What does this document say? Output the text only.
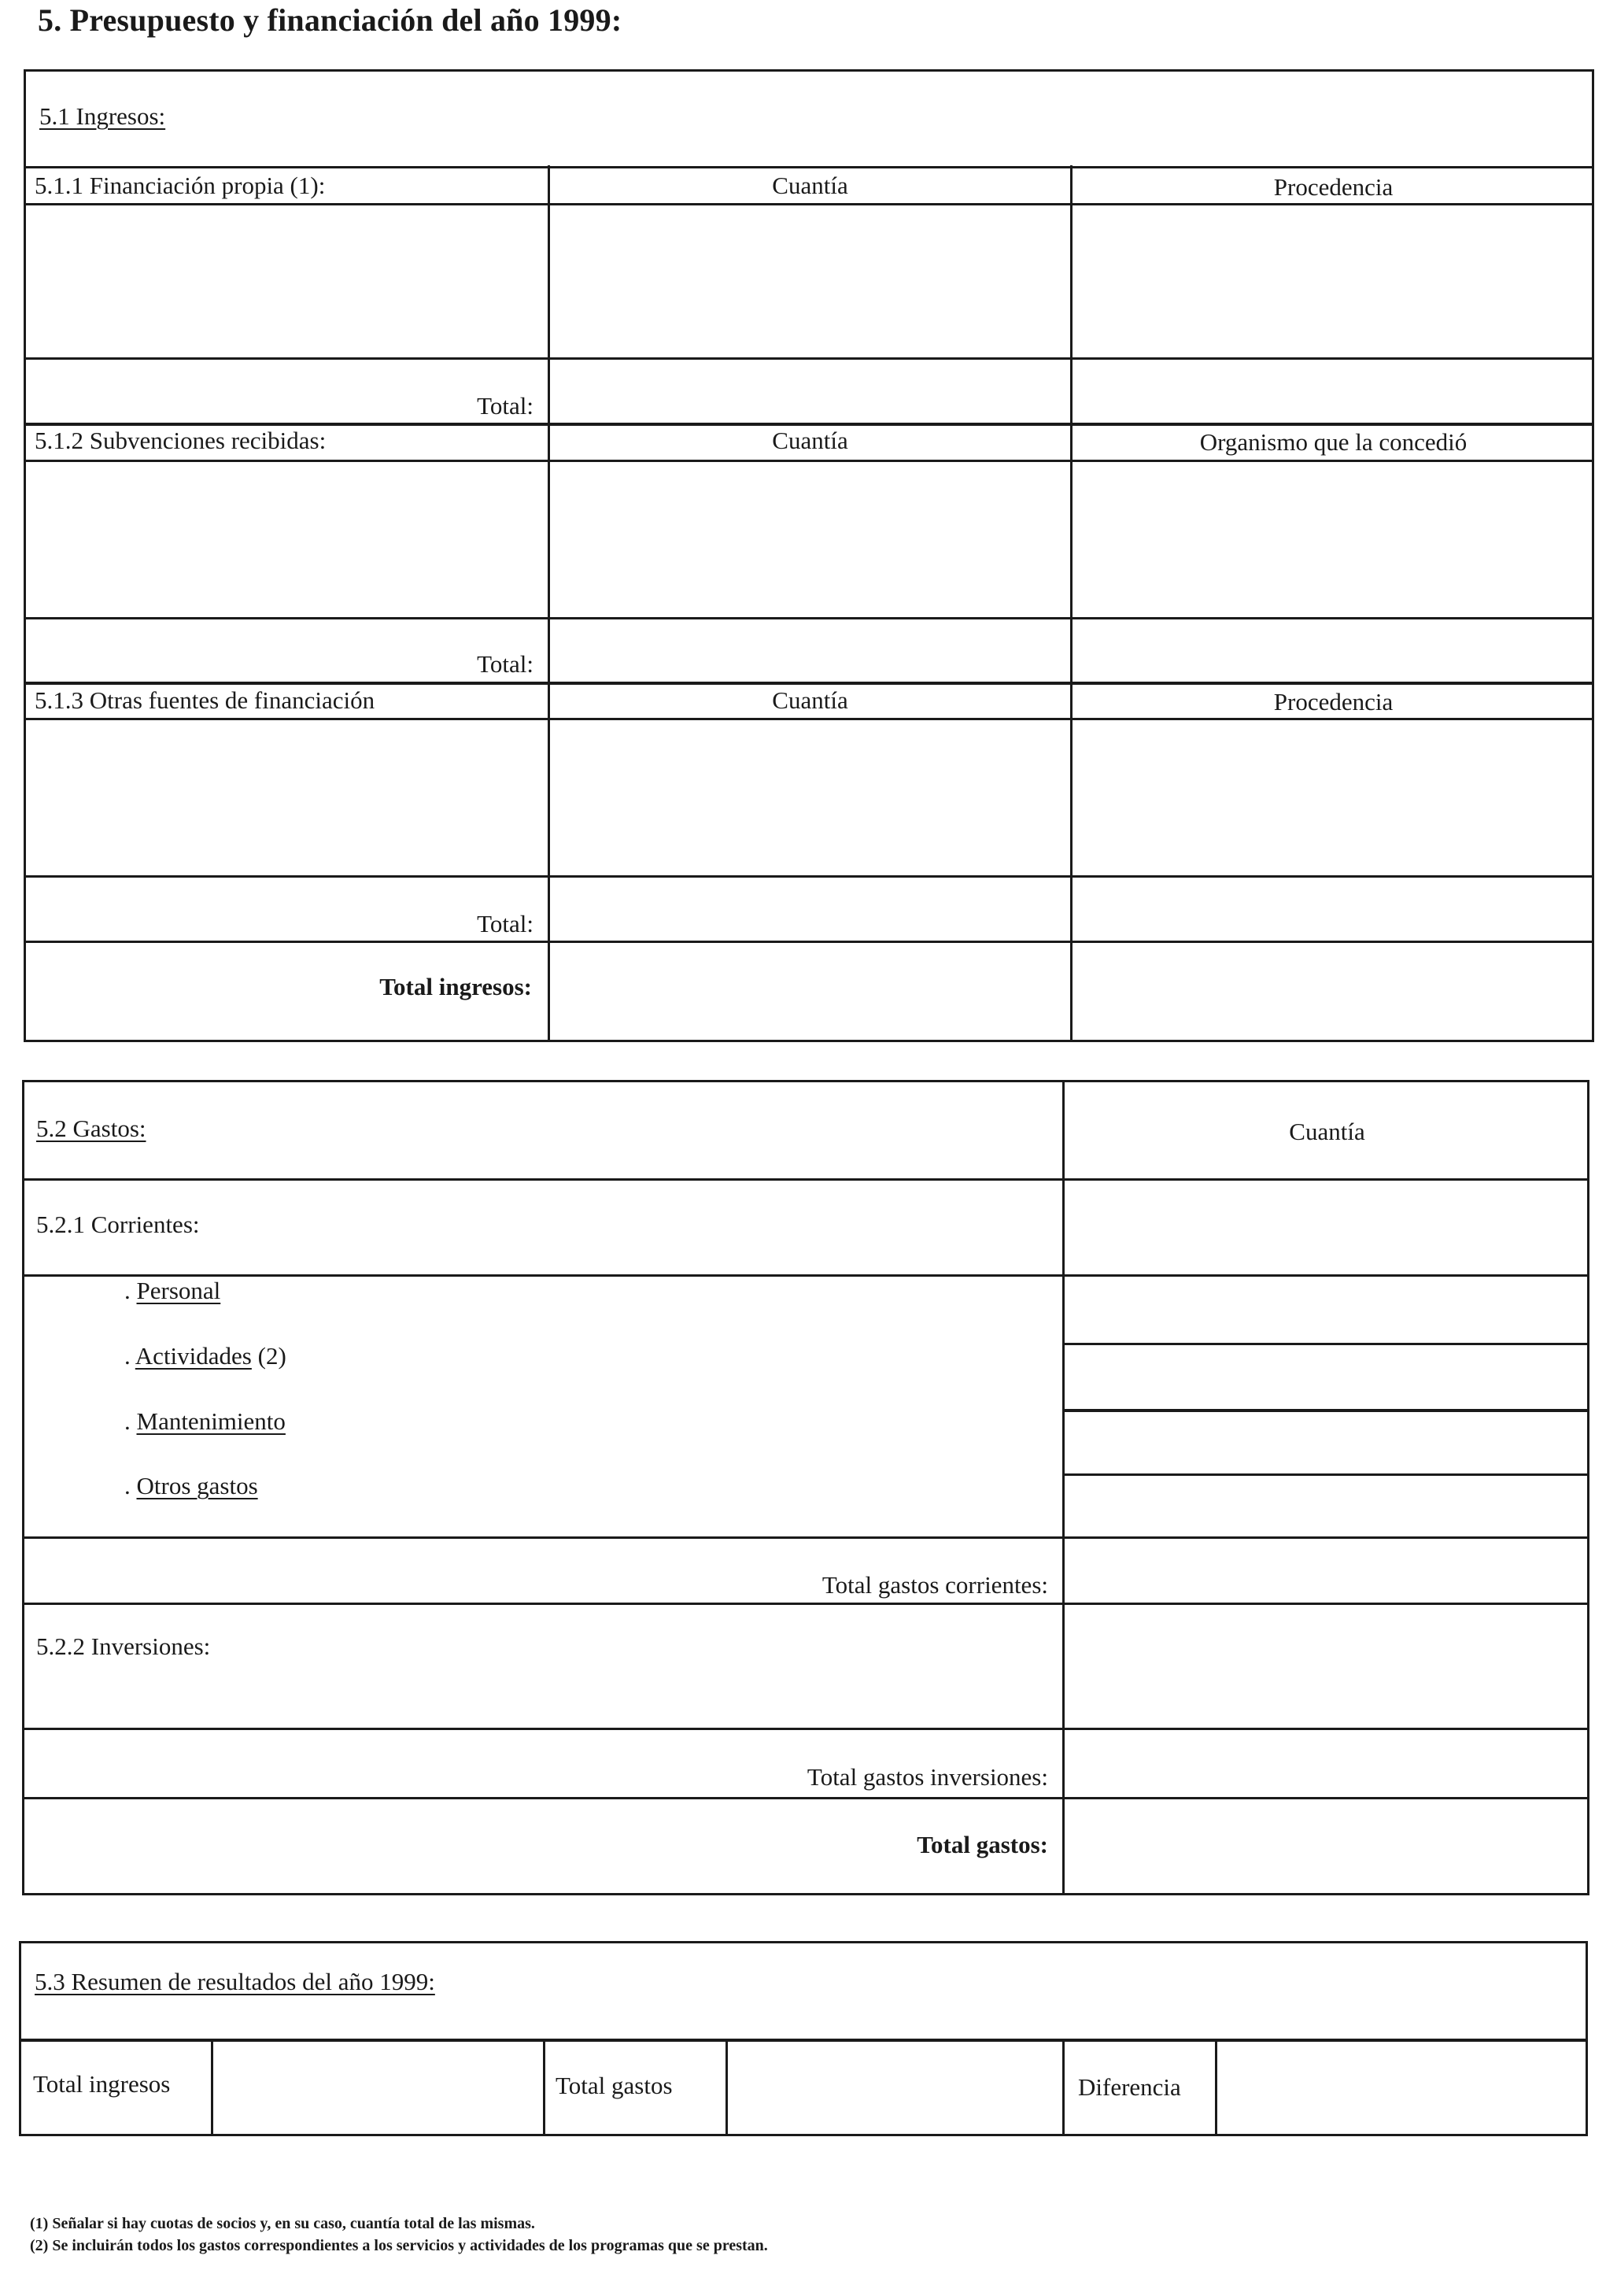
5. Presupuesto y financiación del año 1999:
5.1 Ingresos:
5.1.1 Financiación propia (1):	Cuantía	Procedencia
Total:
5.1.2 Subvenciones recibidas:	Cuantía	Organismo que la concedió
Total:
5.1.3 Otras fuentes de financiación	Cuantía	Procedencia
Total:
Total ingresos:
5.2 Gastos:	Cuantía
5.2.1 Corrientes:
. Personal
. Actividades (2)
. Mantenimiento
. Otros gastos
Total gastos corrientes:
5.2.2 Inversiones:
Total gastos inversiones:
Total gastos:
5.3 Resumen de resultados del año 1999:
Total ingresos	Total gastos	Diferencia
(1) Señalar si hay cuotas de socios y, en su caso, cuantía total de las mismas.
(2) Se incluirán todos los gastos correspondientes a los servicios y actividades de los programas que se prestan.
